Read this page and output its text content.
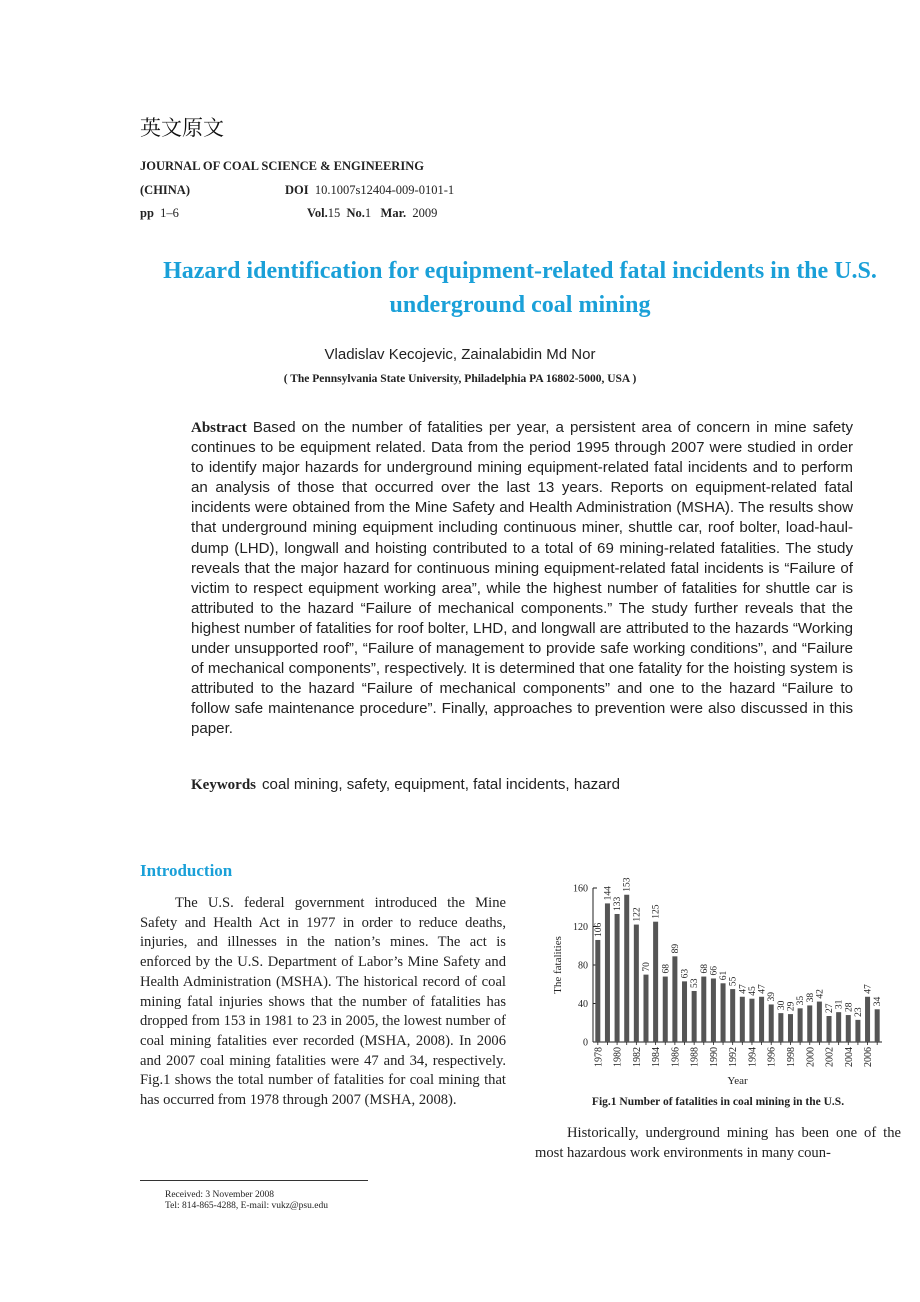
英文原文
JOURNAL OF COAL SCIENCE & ENGINEERING
(CHINA)	DOI 10.1007s12404-009-0101-1
pp 1–6	Vol.15 No.1 Mar. 2009
Hazard identification for equipment-related fatal incidents in the U.S. underground coal mining
Vladislav Kecojevic, Zainalabidin Md Nor
( The Pennsylvania State University, Philadelphia PA 16802-5000, USA )
Abstract Based on the number of fatalities per year, a persistent area of concern in mine safety continues to be equipment related. Data from the period 1995 through 2007 were studied in order to identify major hazards for underground mining equipment-related fatal incidents and to perform an analysis of those that occurred over the last 13 years. Reports on equipment-related fatal incidents were obtained from the Mine Safety and Health Administration (MSHA). The results show that underground mining equipment including continuous miner, shuttle car, roof bolter, load-haul-dump (LHD), longwall and hoisting contributed to a total of 69 mining-related fatalities. The study reveals that the major hazard for continuous mining equipment-related fatal incidents is “Failure of victim to respect equipment working area”, while the highest number of fatalities for shuttle car is attributed to the hazard “Failure of mechanical components.” The study further reveals that the highest number of fatalities for roof bolter, LHD, and longwall are attributed to the hazards “Working under unsupported roof”, “Failure of management to provide safe working conditions”, and “Failure of mechanical components”, respectively. It is determined that one fatality for the hoisting system is attributed to the hazard “Failure of mechanical components” and one to the hazard “Failure to follow safe maintenance procedure”. Finally, approaches to prevention were also discussed in this paper.
Keywords coal mining, safety, equipment, fatal incidents, hazard
Introduction

The U.S. federal government introduced the Mine Safety and Health Act in 1977 in order to reduce deaths, injuries, and illnesses in the nation’s mines. The act is enforced by the U.S. Department of Labor’s Mine Safety and Health Administration (MSHA). The historical record of coal mining fatal injuries shows that the number of fatalities has dropped from 153 in 1981 to 23 in 2005, the lowest number of coal mining fatalities ever recorded (MSHA, 2008). In 2006 and 2007 coal mining fatalities were 47 and 34, respectively. Fig.1 shows the total number of fatalities for coal mining that has occurred from 1978 through 2007 (MSHA, 2008).

Received: 3 November 2008
Tel: 814-865-4288, E-mail: vukz@psu.edu
0
40
80
120
160
The fatalities
106
144
133
153
122
70
125
68
89
63
53
68 66
61
55
47 45 47
39
30 29
35 38 42
27 31 28
23
47
34
1978 1980 1982 1984 1986 1988 1990 1992 1994 1996 1998 2000 2002 2004 2006
Year
Fig.1 Number of fatalities in coal mining in the U.S.

Historically, underground mining has been one of the most hazardous work environments in many coun-
